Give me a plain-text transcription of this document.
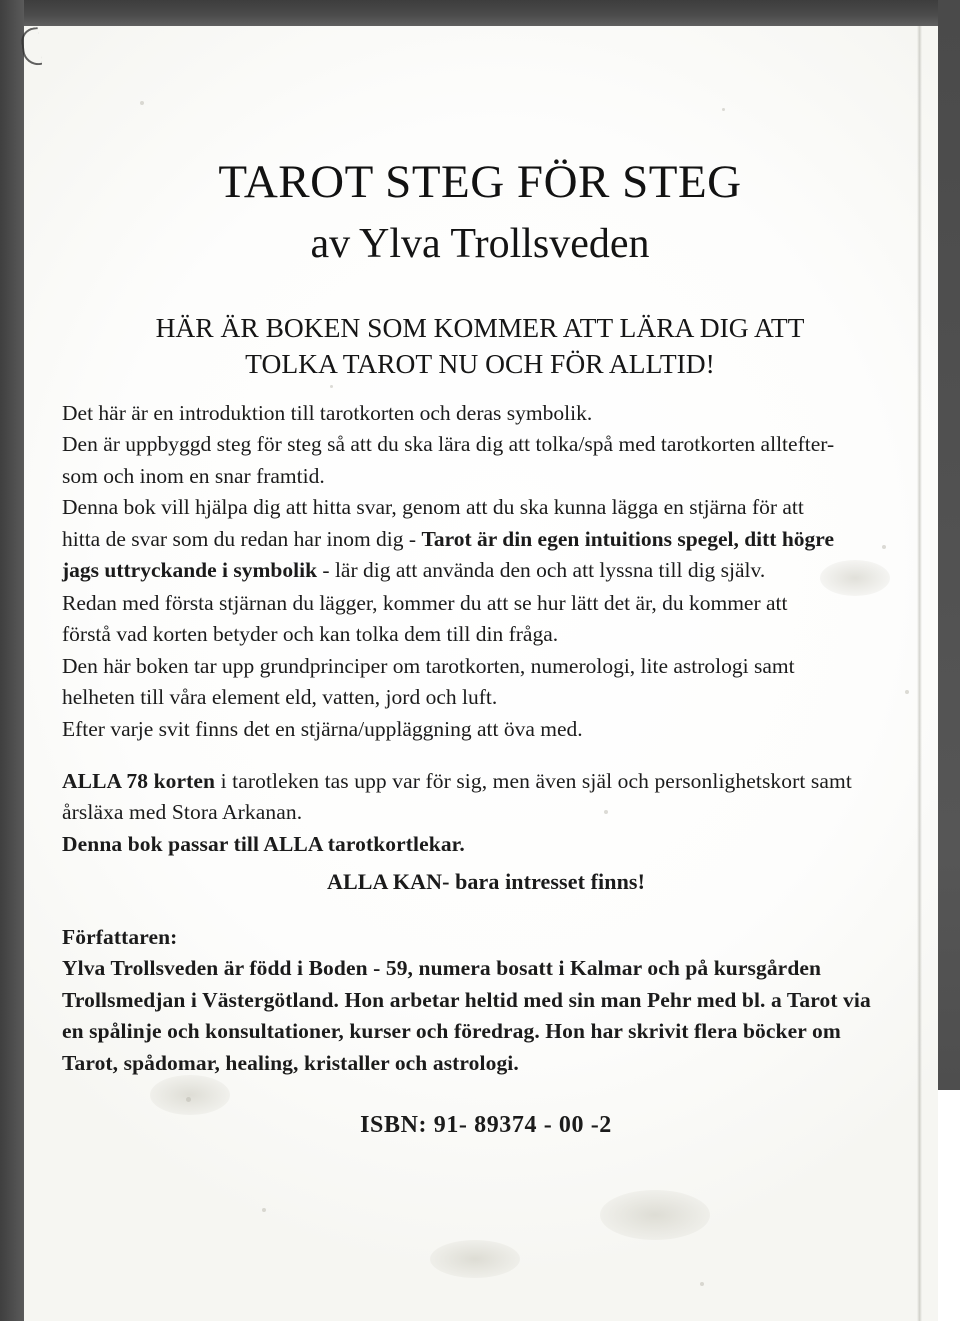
TAROT STEG FÖR STEG
av Ylva Trollsveden
HÄR ÄR BOKEN SOM KOMMER ATT LÄRA DIG ATT
TOLKA TAROT NU OCH FÖR ALLTID!
Det här är en introduktion till tarotkorten och deras symbolik.
Den är uppbyggd steg för steg så att du ska lära dig att tolka/spå med tarotkorten alltefter-
som och inom en snar framtid.
Denna bok vill hjälpa dig att hitta svar, genom att du ska kunna lägga en stjärna för att
hitta de svar som du redan har inom dig - Tarot är din egen intuitions spegel, ditt högre
jags uttryckande i symbolik - lär dig att använda den och att lyssna till dig själv.
Redan med första stjärnan du lägger, kommer du att se hur lätt det är, du kommer att
förstå vad korten betyder och kan tolka dem till din fråga.
Den här boken tar upp grundprinciper om tarotkorten, numerologi, lite astrologi samt
helheten till våra element eld, vatten, jord och luft.
Efter varje svit finns det en stjärna/uppläggning att öva med.
ALLA 78 korten i tarotleken tas upp var för sig, men även själ och personlighetskort samt
årsläxa med Stora Arkanan.
Denna bok passar till ALLA tarotkortlekar.
ALLA KAN- bara intresset finns!
Författaren:
Ylva Trollsveden är född i Boden - 59, numera bosatt i Kalmar och på kursgården
Trollsmedjan i Västergötland. Hon arbetar heltid med sin man Pehr med bl. a Tarot via
en spålinje och konsultationer, kurser och föredrag. Hon har skrivit flera böcker om
Tarot, spådomar, healing, kristaller och astrologi.
ISBN: 91- 89374 - 00 -2
